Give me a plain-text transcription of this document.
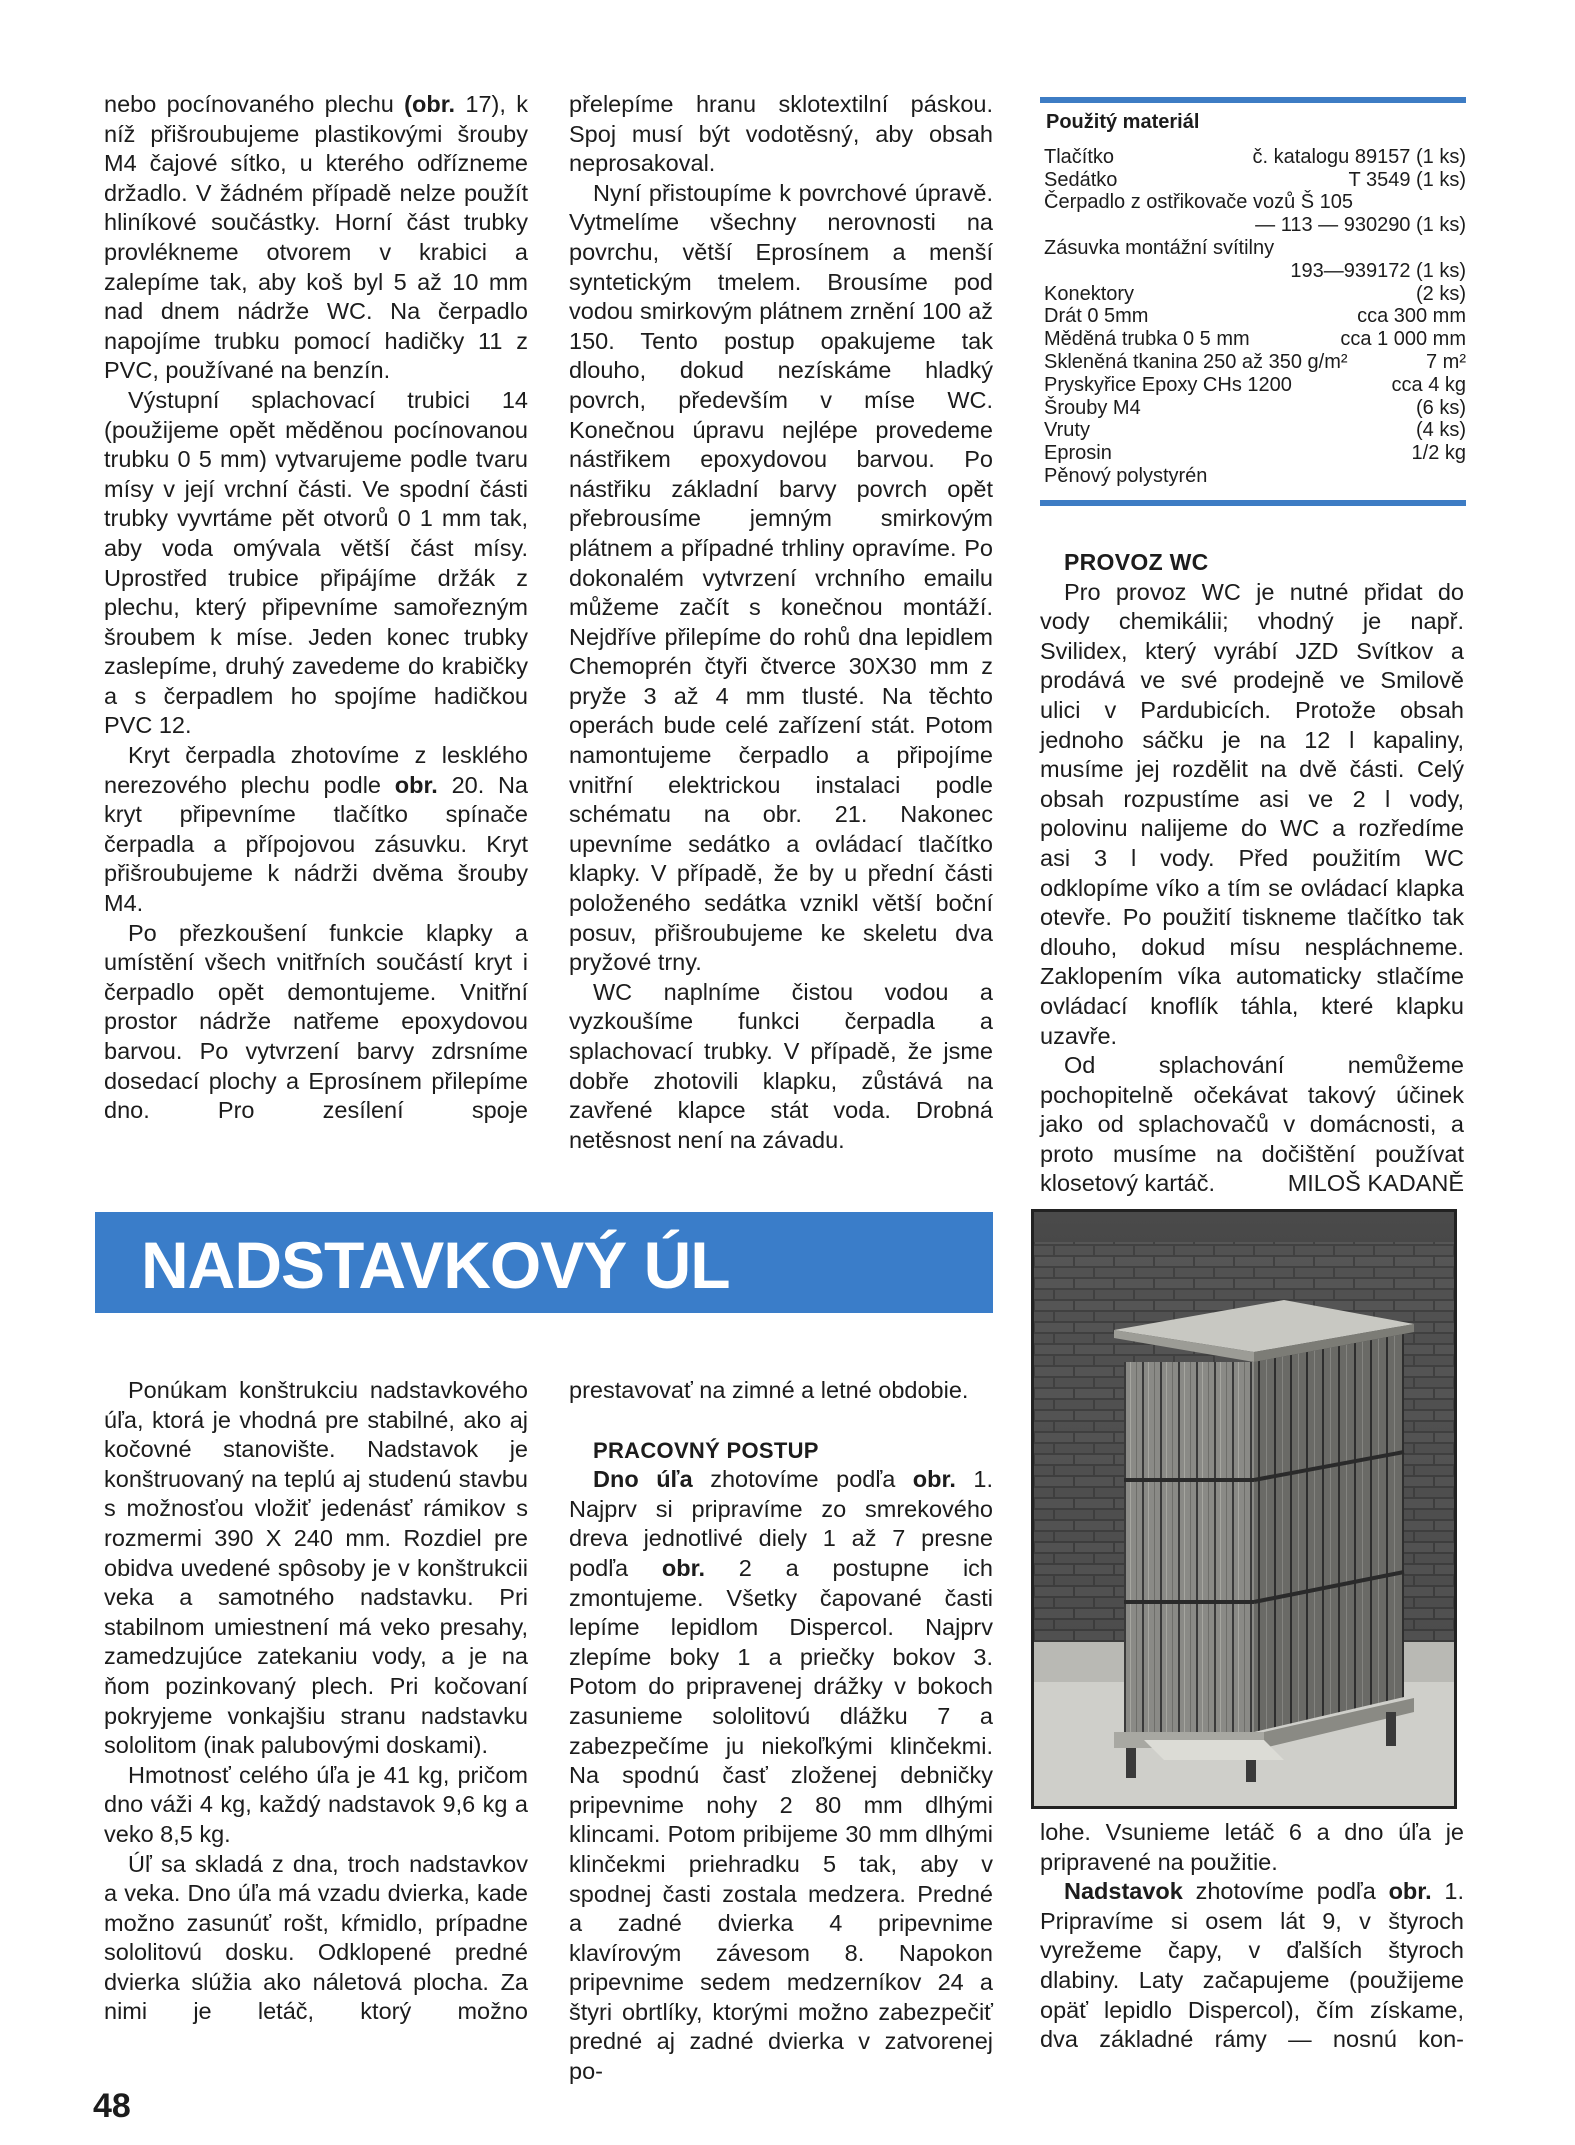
nebo pocínovaného plechu (obr. 17), k níž přišroubujeme plastikovými šrouby M4 čajové sítko, u kterého odřízneme držadlo. V žádném případě nelze použít hliníkové součástky. Horní část trubky provlékneme otvorem v krabici a zalepíme tak, aby koš byl 5 až 10 mm nad dnem nádrže WC. Na čerpadlo napojíme trubku pomocí hadičky 11 z PVC, používané na benzín.

Výstupní splachovací trubici 14 (použijeme opět měděnou pocínovanou trubku 0 5 mm) vytvarujeme podle tvaru mísy v její vrchní části. Ve spodní části trubky vyvrtáme pět otvorů 0 1 mm tak, aby voda omývala větší část mísy. Uprostřed trubice připájíme držák z plechu, který připevníme samořezným šroubem k míse. Jeden konec trubky zaslepíme, druhý zavedeme do krabičky a s čerpadlem ho spojíme hadičkou PVC 12.

Kryt čerpadla zhotovíme z lesklého nerezového plechu podle obr. 20. Na kryt připevníme tlačítko spínače čerpadla a přípojovou zásuvku. Kryt přišroubujeme k nádrži dvěma šrouby M4.

Po přezkoušení funkcie klapky a umístění všech vnitřních součástí kryt i čerpadlo opět demontujeme. Vnitřní prostor nádrže natřeme epoxydovou barvou. Po vytvrzení barvy zdrsníme dosedací plochy a Eprosínem přilepíme dno. Pro zesílení spoje

přelepíme hranu sklotextilní páskou. Spoj musí být vodotěsný, aby obsah neprosakoval.

Nyní přistoupíme k povrchové úpravě. Vytmelíme všechny nerovnosti na povrchu, větší Eprosínem a menší syntetickým tmelem. Brousíme pod vodou smirkovým plátnem zrnění 100 až 150. Tento postup opakujeme tak dlouho, dokud nezískáme hladký povrch, především v míse WC. Konečnou úpravu nejlépe provedeme nástřikem epoxydovou barvou. Po nástřiku základní barvy povrch opět přebrousíme jemným smirkovým plátnem a případné trhliny opravíme. Po dokonalém vytvrzení vrchního emailu můžeme začít s konečnou montáží. Nejdříve přilepíme do rohů dna lepidlem Chemoprén čtyři čtverce 30X30 mm z pryže 3 až 4 mm tlusté. Na těchto operách bude celé zařízení stát. Potom namontujeme čerpadlo a připojíme vnitřní elektrickou instalaci podle schématu na obr. 21. Nakonec upevníme sedátko a ovládací tlačítko klapky. V případě, že by u přední části položeného sedátka vznikl větší boční posuv, přišroubujeme ke skeletu dva pryžové trny.

WC naplníme čistou vodou a vyzkoušíme funkci čerpadla a splachovací trubky. V případě, že jsme dobře zhotovili klapku, zůstává na zavřené klapce stát voda. Drobná netěsnost není na závadu.

Použitý materiál
Tlačítko	č. katalogu 89157 (1 ks)
Sedátko	T 3549 (1 ks)
Čerpadlo z ostřikovače vozů Š 105
— 113 — 930290 (1 ks)
Zásuvka montážní svítilny
193—939172 (1 ks)
Konektory	(2 ks)
Drát 0 5mm	cca 300 mm
Měděná trubka 0 5 mm	cca 1 000 mm
Skleněná tkanina 250 až 350 g/m²	7 m²
Pryskyřice Epoxy CHs 1200	cca 4 kg
Šrouby M4	(6 ks)
Vruty	(4 ks)
Eprosin	1/2 kg
Pěnový polystyrén
PROVOZ WC

Pro provoz WC je nutné přidat do vody chemikálii; vhodný je např. Svilidex, který vyrábí JZD Svítkov a prodává ve své prodejně ve Smilově ulici v Pardubicích. Protože obsah jednoho sáčku je na 12 l kapaliny, musíme jej rozdělit na dvě části. Celý obsah rozpustíme asi ve 2 l vody, polovinu nalijeme do WC a rozředíme asi 3 l vody. Před použitím WC odklopíme víko a tím se ovládací klapka otevře. Po použití tiskneme tlačítko tak dlouho, dokud mísu nespláchneme. Zaklopením víka automaticky stlačíme ovládací knoflík táhla, které klapku uzavře.

Od splachování nemůžeme pochopitelně očekávat takový účinek jako od splachovačů v domácnosti, a proto musíme na dočištění používat klosetový kartáč.	MILOŠ KADANĚ

NADSTAVKOVÝ ÚL

Ponúkam konštrukciu nadstavkového úľa, ktorá je vhodná pre stabilné, ako aj kočovné stanovište. Nadstavok je konštruovaný na teplú aj studenú stavbu s možnosťou vložiť jedenásť rámikov s rozmermi 390 X 240 mm. Rozdiel pre obidva uvedené spôsoby je v konštrukcii veka a samotného nadstavku. Pri stabilnom umiestnení má veko presahy, zamedzujúce zatekaniu vody, a je na ňom pozinkovaný plech. Pri kočovaní pokryjeme vonkajšiu stranu nadstavku sololitom (inak palubovými doskami).

Hmotnosť celého úľa je 41 kg, pričom dno váži 4 kg, každý nadstavok 9,6 kg a veko 8,5 kg.

Úľ sa skladá z dna, troch nadstavkov a veka. Dno úľa má vzadu dvierka, kade možno zasunúť rošt, kŕmidlo, prípadne sololitovú dosku. Odklopené predné dvierka slúžia ako náletová plocha. Za nimi je letáč, ktorý možno

prestavovať na zimné a letné obdobie.

PRACOVNÝ POSTUP

Dno úľa zhotovíme podľa obr. 1. Najprv si pripravíme zo smrekového dreva jednotlivé diely 1 až 7 presne podľa obr. 2 a postupne ich zmontujeme. Všetky čapované časti lepíme lepidlom Dispercol. Najprv zlepíme boky 1 a priečky bokov 3. Potom do pripravenej drážky v bokoch zasunieme sololitovú dlážku 7 a zabezpečíme ju niekoľkými klinčekmi. Na spodnú časť zloženej debničky pripevnime nohy 2 80 mm dlhými klincami. Potom pribijeme 30 mm dlhými klinčekmi priehradku 5 tak, aby v spodnej časti zostala medzera. Predné a zadné dvierka 4 pripevnime klavírovým závesom 8. Napokon pripevnime sedem medzerníkov 24 a štyri obrtlíky, ktorými možno zabezpečiť predné aj zadné dvierka v zatvorenej po-

lohe. Vsunieme letáč 6 a dno úľa je pripravené na použitie.

Nadstavok zhotovíme podľa obr. 1. Pripravíme si osem lát 9, v štyroch vyrežeme čapy, v ďalších štyroch dlabiny. Laty začapujeme (použijeme opäť lepidlo Dispercol), čím získame, dva základné rámy — nosnú kon-

48
